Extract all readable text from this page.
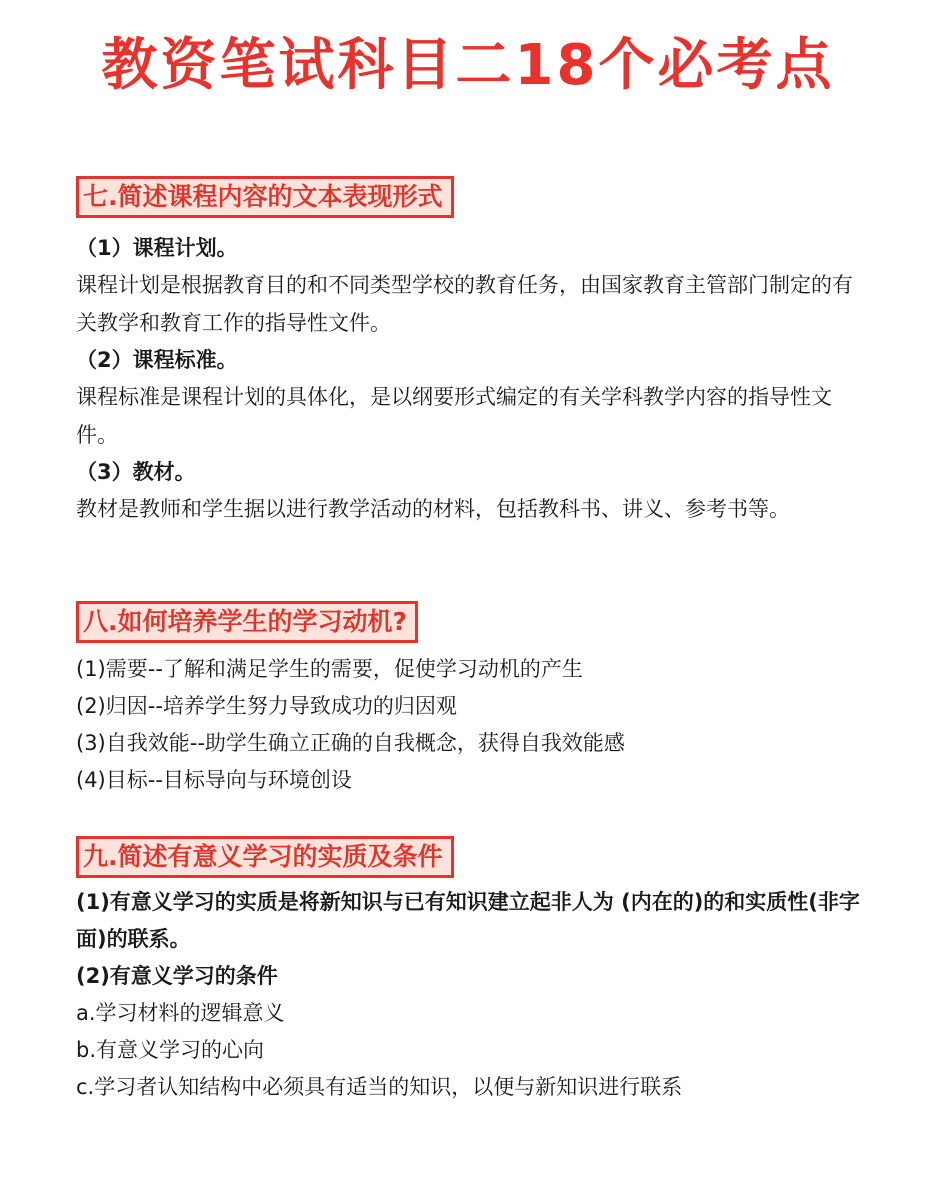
教资笔试科目二18个必考点
七.简述课程内容的文本表现形式
（1）课程计划。
课程计划是根据教育目的和不同类型学校的教育任务，由国家教育主管部门制定的有关教学和教育工作的指导性文件。
（2）课程标准。
课程标准是课程计划的具体化，是以纲要形式编定的有关学科教学内容的指导性文件。
（3）教材。
教材是教师和学生据以进行教学活动的材料，包括教科书、讲义、参考书等。
八.如何培养学生的学习动机?
(1)需要--了解和满足学生的需要，促使学习动机的产生
(2)归因--培养学生努力导致成功的归因观
(3)自我效能--助学生确立正确的自我概念，获得自我效能感
(4)目标--目标导向与环境创设
九.简述有意义学习的实质及条件
(1)有意义学习的实质是将新知识与已有知识建立起非人为 (内在的)的和实质性(非字面)的联系。
(2)有意义学习的条件
a.学习材料的逻辑意义
b.有意义学习的心向
c.学习者认知结构中必须具有适当的知识，以便与新知识进行联系
